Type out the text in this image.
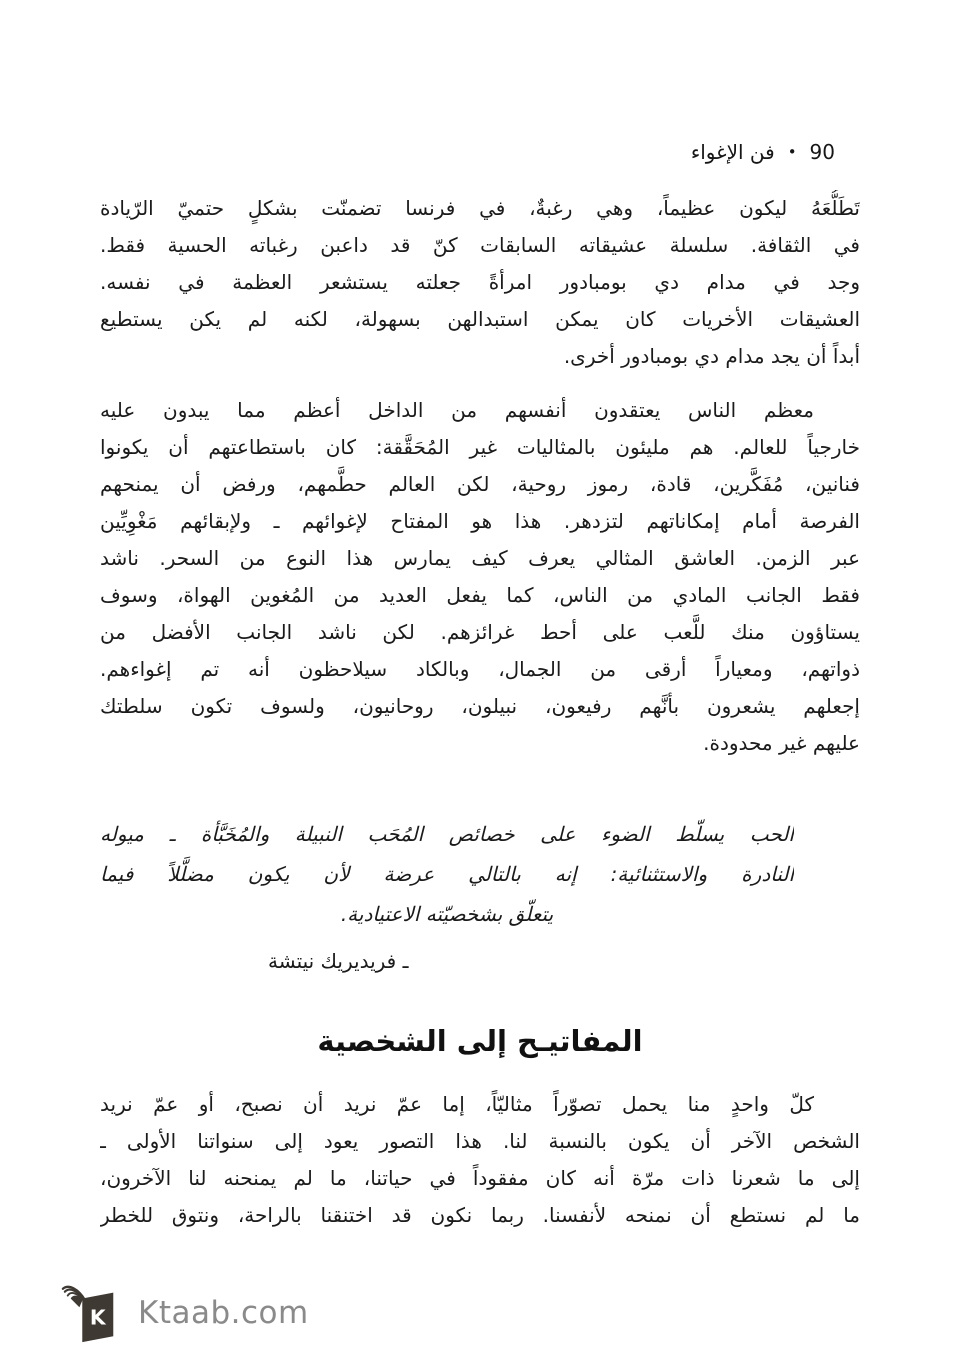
فن الإغواء • 90
تَطَلُّعَهُ ليكون عظيماً، وهي رغبةٌ، في فرنسا تضمنّت بشكلٍ حتميّ الرّيادة
في الثقافة. سلسلة عشيقاته السابقات كنّ قد داعبن رغباته الحسية فقط.
وجد في مدام دي بومبادور امرأةً جعلته يستشعر العظمة في نفسه.
العشيقات الأخريات كان يمكن استبدالهن بسهولة، لكنه لم يكن يستطيع
أبداً أن يجد مدام دي بومبادور أخرى.
معظم الناس يعتقدون أنفسهم من الداخل أعظم مما يبدون عليه
خارجياً للعالم. هم مليئون بالمثاليات غير المُحَقَّقة: كان باستطاعتهم أن يكونوا
فنانين، مُفَكَّرين، قادة، رموز روحية، لكن العالم حطَّمهم، ورفض أن يمنحهم
الفرصة أمام إمكاناتهم لتزدهر. هذا هو المفتاح لإغوائهم ـ ولإبقائهم مَغْوِيِّين
عبر الزمن. العاشق المثالي يعرف كيف يمارس هذا النوع من السحر. ناشد
فقط الجانب المادي من الناس، كما يفعل العديد من المُغوين الهواة، وسوف
يستاؤون منك للَّعب على أحط غرائزهم. لكن ناشد الجانب الأفضل من
ذواتهم، ومعياراً أرقى من الجمال، وبالكاد سيلاحظون أنه تم إغواءهم.
إجعلهم يشعرون بأنَّهم رفيعون، نبيلون، روحانيون، ولسوف تكون سلطتك
عليهم غير محدودة.
الحب يسلّط الضوء على خصائص المُحَب النبيلة والمُخَبَّأة ـ ميوله
النادرة والاستثنائية: إنه بالتالي عرضة لأن يكون مضلَّلاً فيما
يتعلّق بشخصيّته الاعتيادية.
ـ فريديريك نيتشة
المفاتيـح إلى الشخصية
كلّ واحدٍ منا يحمل تصوّراً مثاليّاً، إما عمّ نريد أن نصبح، أو عمّ نريد
الشخص الآخر أن يكون بالنسبة لنا. هذا التصور يعود إلى سنواتنا الأولى ـ
إلى ما شعرنا ذات مرّة أنه كان مفقوداً في حياتنا، ما لم يمنحنه لنا الآخرون،
ما لم نستطع أن نمنحه لأنفسنا. ربما نكون قد اختنقنا بالراحة، ونتوق للخطر
K Ktaab.com
